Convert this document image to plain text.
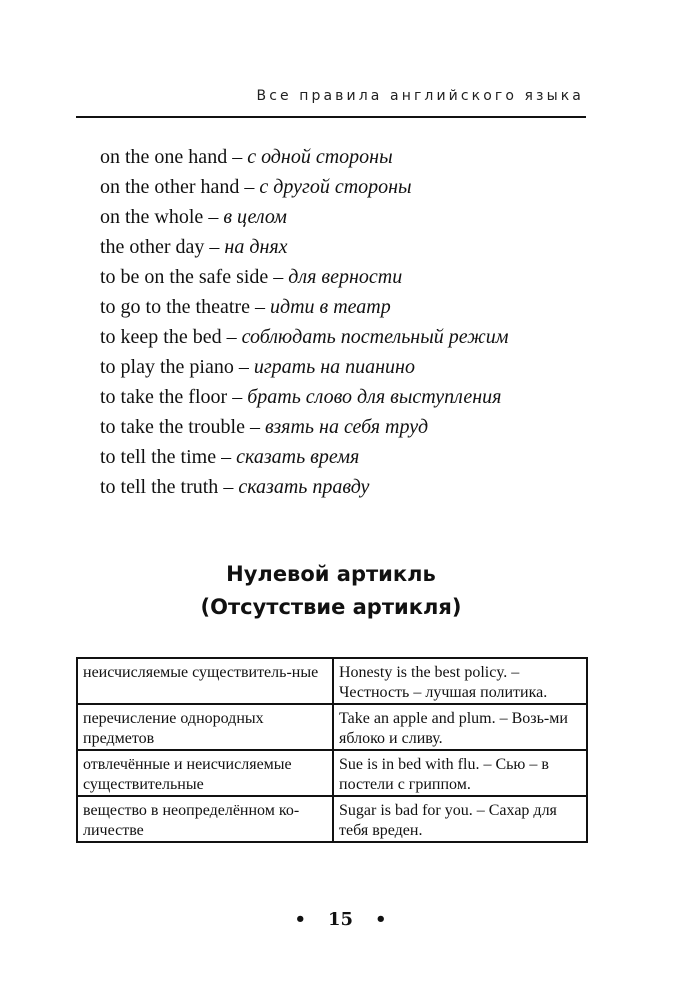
Все правила английского языка
on the one hand – с одной стороны
on the other hand – с другой стороны
on the whole – в целом
the other day – на днях
to be on the safe side – для верности
to go to the theatre – идти в театр
to keep the bed – соблюдать постельный режим
to play the piano – играть на пианино
to take the floor – брать слово для выступления
to take the trouble – взять на себя труд
to tell the time – сказать время
to tell the truth – сказать правду
Нулевой артикль
(Отсутствие артикля)
неисчисляемые существитель-ные	Honesty is the best policy. – Честность – лучшая политика.
перечисление однородных предметов	Take an apple and plum. – Возь-ми яблоко и сливу.
отвлечённые и неисчисляемые существительные	Sue is in bed with flu. – Сью – в постели с гриппом.
вещество в неопределённом ко-личестве	Sugar is bad for you. – Сахар для тебя вреден.
• 15 •
